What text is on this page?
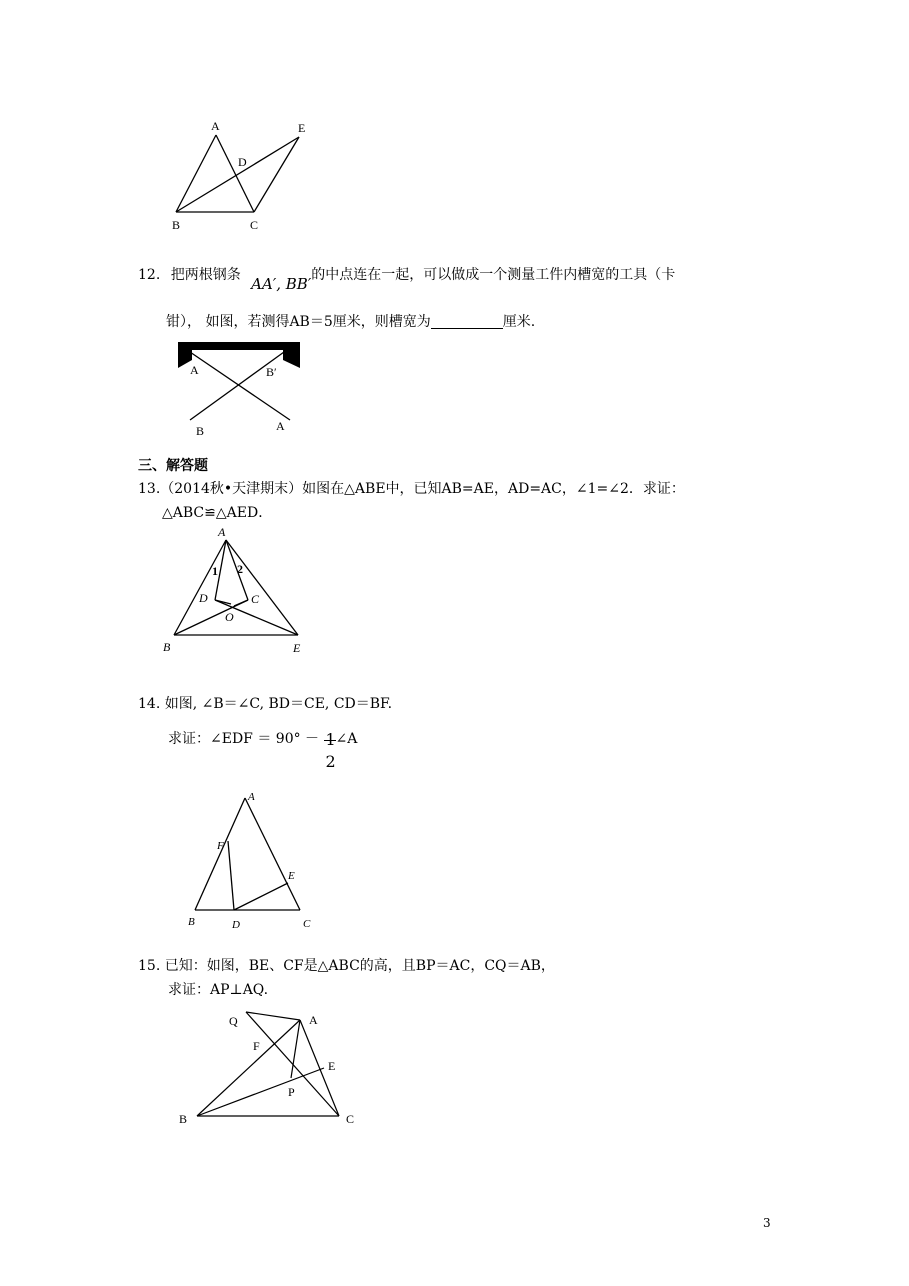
A	E
D
B	C
12. 把两根钢条 AA′, BB′的中点连在一起，可以做成一个测量工件内槽宽的工具（卡
钳）， 如图，若测得AB＝5厘米，则槽宽为	厘米.
A	B′
B	A
三、解答题
13.（2014秋•天津期末）如图在△ABE中，已知AB=AE，AD=AC，∠1=∠2．求证：
△ABC≌△AED．
A
1 2
D	C
O
B	E
14. 如图, ∠B＝∠C, BD＝CE, CD＝BF.
求证：∠EDF ＝ 90° － 1
2
∠A
A
F
E
B	D	C
15. 已知：如图，BE、CF是△ABC的高，且BP＝AC，CQ＝AB，
求证：AP⊥AQ.
Q	A
F
E
P
B	C
3
